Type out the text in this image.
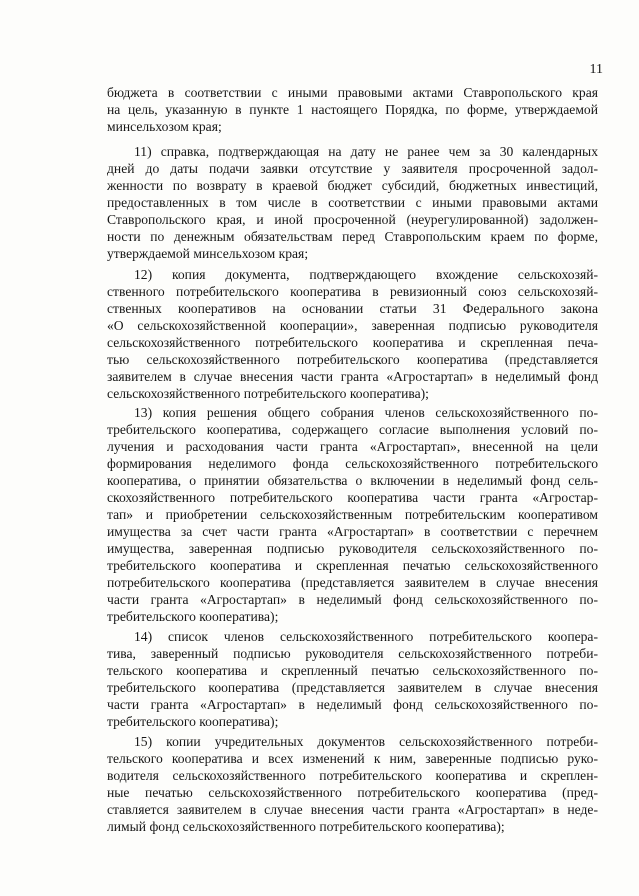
11
бюджета в соответствии с иными правовыми актами Ставропольского края
на цель, указанную в пункте 1 настоящего Порядка, по форме, утверждаемой
минсельхозом края;
11) справка, подтверждающая на дату не ранее чем за 30 календарных
дней до даты подачи заявки отсутствие у заявителя просроченной задол-
женности по возврату в краевой бюджет субсидий, бюджетных инвестиций,
предоставленных в том числе в соответствии с иными правовыми актами
Ставропольского края, и иной просроченной (неурегулированной) задолжен-
ности по денежным обязательствам перед Ставропольским краем по форме,
утверждаемой минсельхозом края;
12) копия документа, подтверждающего вхождение сельскохозяй-
ственного потребительского кооператива в ревизионный союз сельскохозяй-
ственных кооперативов на основании статьи 31 Федерального закона
«О сельскохозяйственной кооперации», заверенная подписью руководителя
сельскохозяйственного потребительского кооператива и скрепленная печа-
тью сельскохозяйственного потребительского кооператива (представляется
заявителем в случае внесения части гранта «Агростартап» в неделимый фонд
сельскохозяйственного потребительского кооператива);
13) копия решения общего собрания членов сельскохозяйственного по-
требительского кооператива, содержащего согласие выполнения условий по-
лучения и расходования части гранта «Агростартап», внесенной на цели
формирования неделимого фонда сельскохозяйственного потребительского
кооператива, о принятии обязательства о включении в неделимый фонд сель-
скохозяйственного потребительского кооператива части гранта «Агростар-
тап» и приобретении сельскохозяйственным потребительским кооперативом
имущества за счет части гранта «Агростартап» в соответствии с перечнем
имущества, заверенная подписью руководителя сельскохозяйственного по-
требительского кооператива и скрепленная печатью сельскохозяйственного
потребительского кооператива (представляется заявителем в случае внесения
части гранта «Агростартап» в неделимый фонд сельскохозяйственного по-
требительского кооператива);
14) список членов сельскохозяйственного потребительского коопера-
тива, заверенный подписью руководителя сельскохозяйственного потреби-
тельского кооператива и скрепленный печатью сельскохозяйственного по-
требительского кооператива (представляется заявителем в случае внесения
части гранта «Агростартап» в неделимый фонд сельскохозяйственного по-
требительского кооператива);
15) копии учредительных документов сельскохозяйственного потреби-
тельского кооператива и всех изменений к ним, заверенные подписью руко-
водителя сельскохозяйственного потребительского кооператива и скреплен-
ные печатью сельскохозяйственного потребительского кооператива (пред-
ставляется заявителем в случае внесения части гранта «Агростартап» в неде-
лимый фонд сельскохозяйственного потребительского кооператива);
